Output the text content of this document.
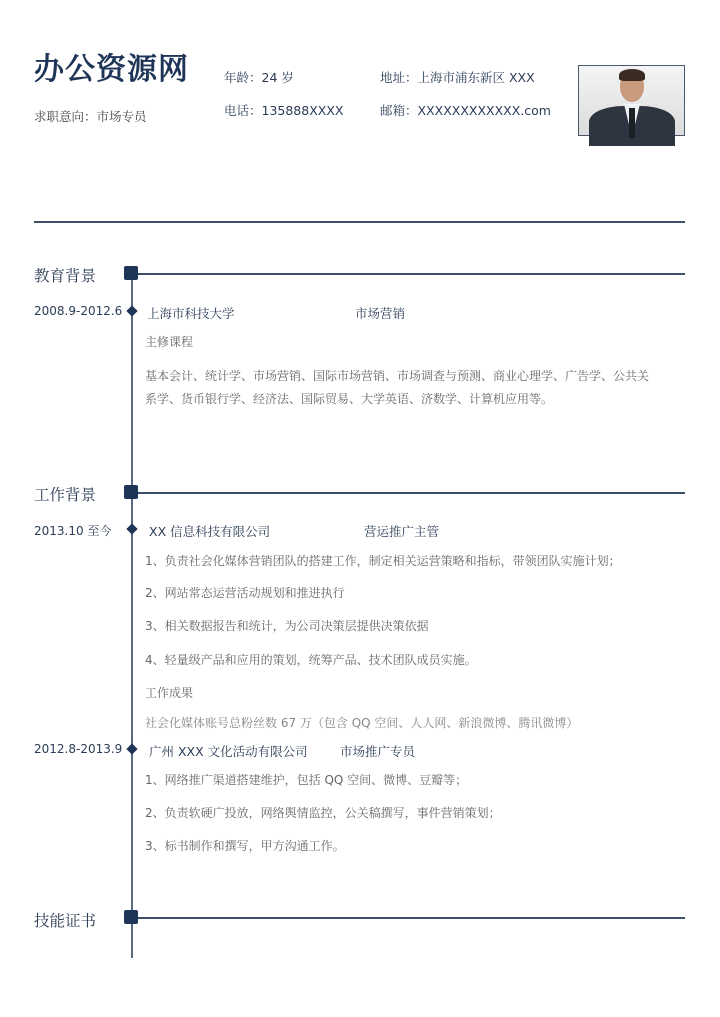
办公资源网
求职意向：市场专员
年龄：24 岁
电话：135888XXXX
地址：上海市浦东新区 XXX
邮箱：XXXXXXXXXXXX.com
教育背景
2008.9-2012.6 上海市科技大学	市场营销
主修课程
基本会计、统计学、市场营销、国际市场营销、市场调查与预测、商业心理学、广告学、公共关
系学、货币银行学、经济法、国际贸易、大学英语、济数学、计算机应用等。
工作背景
2013.10 至今	XX 信息科技有限公司	营运推广主管
1、负责社会化媒体营销团队的搭建工作，制定相关运营策略和指标，带领团队实施计划；
2、网站常态运营活动规划和推进执行
3、相关数据报告和统计，为公司决策层提供决策依据
4、轻量级产品和应用的策划，统筹产品、技术团队成员实施。
工作成果
社会化媒体账号总粉丝数 67 万（包含 QQ 空间、人人网、新浪微博、腾讯微博）
2012.8-2013.9 广州 XXX 文化活动有限公司	市场推广专员
1、网络推广渠道搭建维护，包括 QQ 空间、微博、豆瓣等；
2、负责软硬广投放，网络舆情监控，公关稿撰写，事件营销策划；
3、标书制作和撰写，甲方沟通工作。
技能证书
